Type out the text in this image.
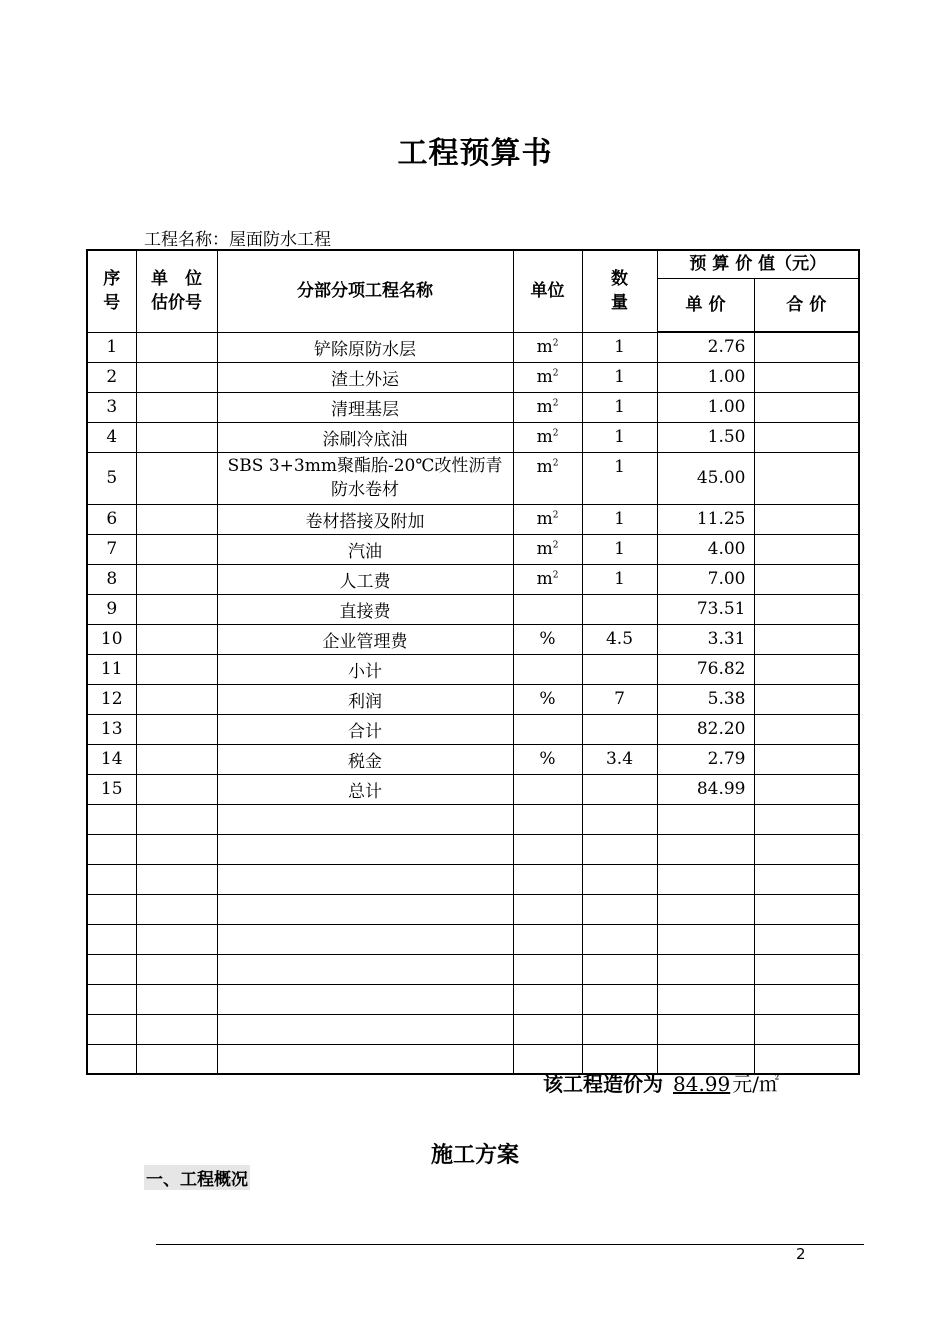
工程预算书
工程名称：屋面防水工程
序
号	单　位
估价号	分部分项工程名称	单位	数
量	预 算 价 值（元）	
					单 价	合 价
1		铲除原防水层	$m^2$	1	2.76	
2		渣土外运	$m^2$	1	1.00	
3		清理基层	$m^2$	1	1.00	
4		涂刷冷底油	$m^2$	1	1.50	
5		SBS 3+3mm聚酯胎-20℃改性沥青防水卷材	$m^2$	1	45.00	
6		卷材搭接及附加	$m^2$	1	11.25	
7		汽油	$m^2$	1	4.00	
8		人工费	$m^2$	1	7.00	
9		直接费			73.51	
10		企业管理费	%	4.5	3.31	
11		小计			76.82	
12		利润	%	7	5.38	
13		合计			82.20	
14		税金	%	3.4	2.79	
15		总计			84.99	

该工程造价为 84.99 元/㎡
施工方案
一、工程概况
2
